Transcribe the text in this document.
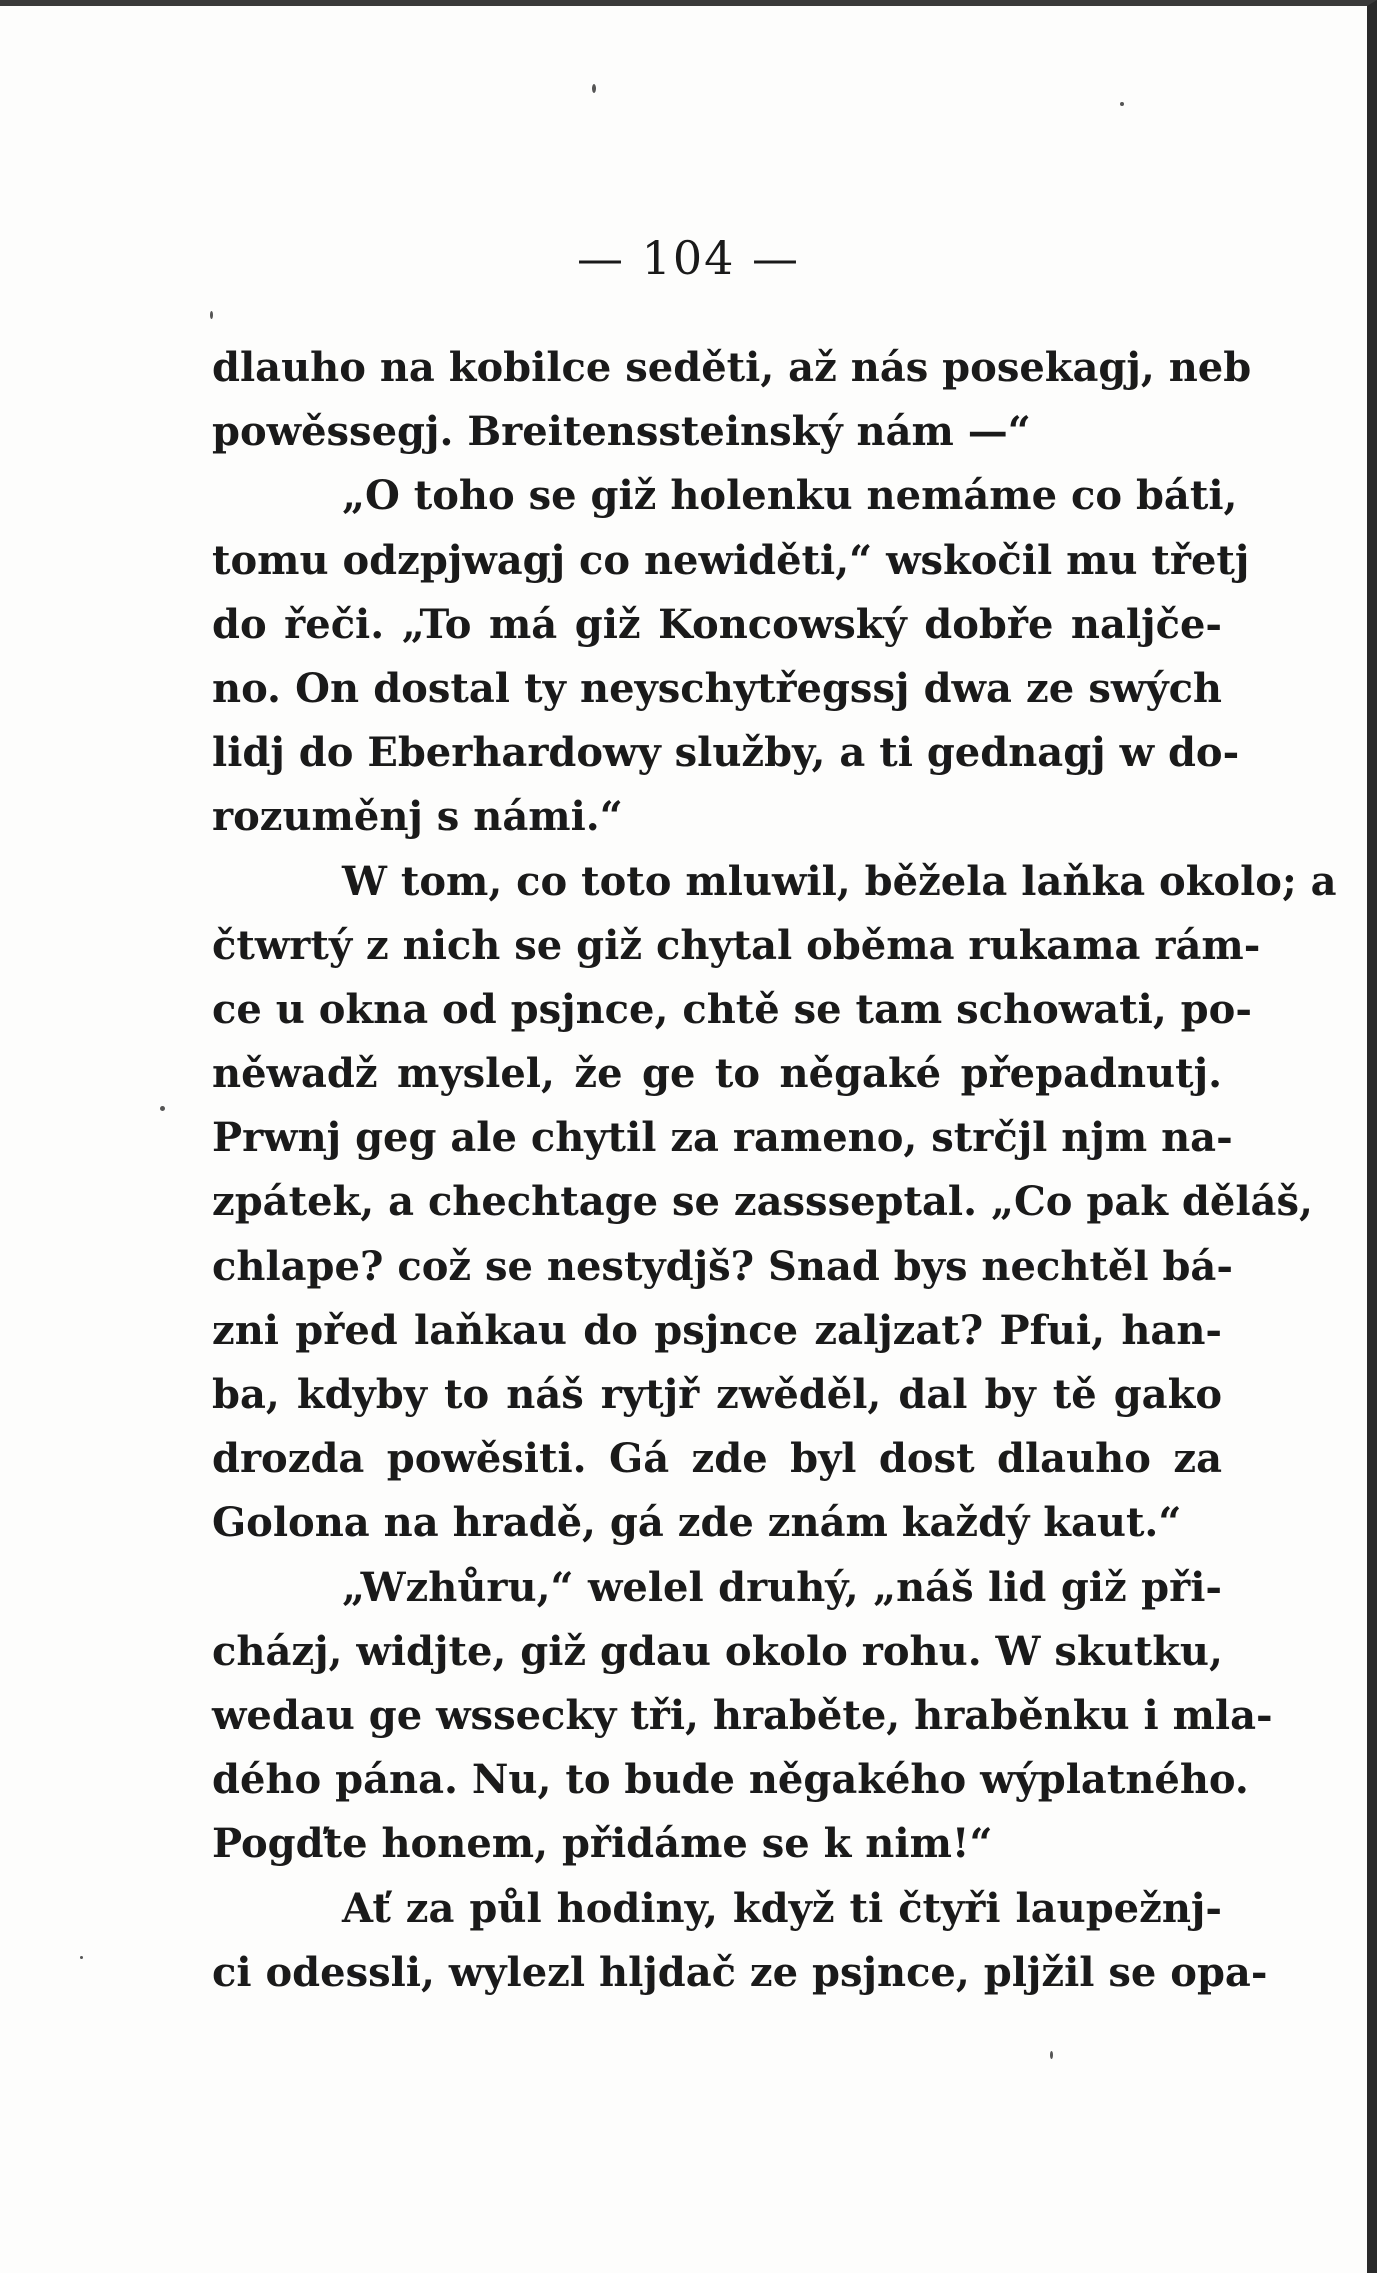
— 104 —
dlauho na kobilce seděti, až nás posekagj, neb
powěssegj. Breitenssteinský nám —“
„O toho se giž holenku nemáme co báti,
tomu odzpjwagj co newiděti,“ wskočil mu třetj
do řeči. „To má giž Koncowský dobře naljče-
no. On dostal ty neyschytřegssj dwa ze swých
lidj do Eberhardowy služby, a ti gednagj w do-
rozuměnj s námi.“
W tom, co toto mluwil, běžela laňka okolo; a
čtwrtý z nich se giž chytal oběma rukama rám-
ce u okna od psjnce, chtě se tam schowati, po-
něwadž myslel, že ge to něgaké přepadnutj.
Prwnj geg ale chytil za rameno, strčjl njm na-
zpátek, a chechtage se zassseptal. „Co pak děláš,
chlape? což se nestydjš? Snad bys nechtěl bá-
zni před laňkau do psjnce zaljzat? Pfui, han-
ba, kdyby to náš rytjř zwěděl, dal by tě gako
drozda powěsiti. Gá zde byl dost dlauho za
Golona na hradě, gá zde znám každý kaut.“
„Wzhůru,“ welel druhý, „náš lid giž při-
cházj, widjte, giž gdau okolo rohu. W skutku,
wedau ge wssecky tři, hraběte, hraběnku i mla-
dého pána. Nu, to bude něgakého wýplatného.
Pogďte honem, přidáme se k nim!“
Ať za půl hodiny, když ti čtyři laupežnj-
ci odessli, wylezl hljdač ze psjnce, pljžil se opa-
